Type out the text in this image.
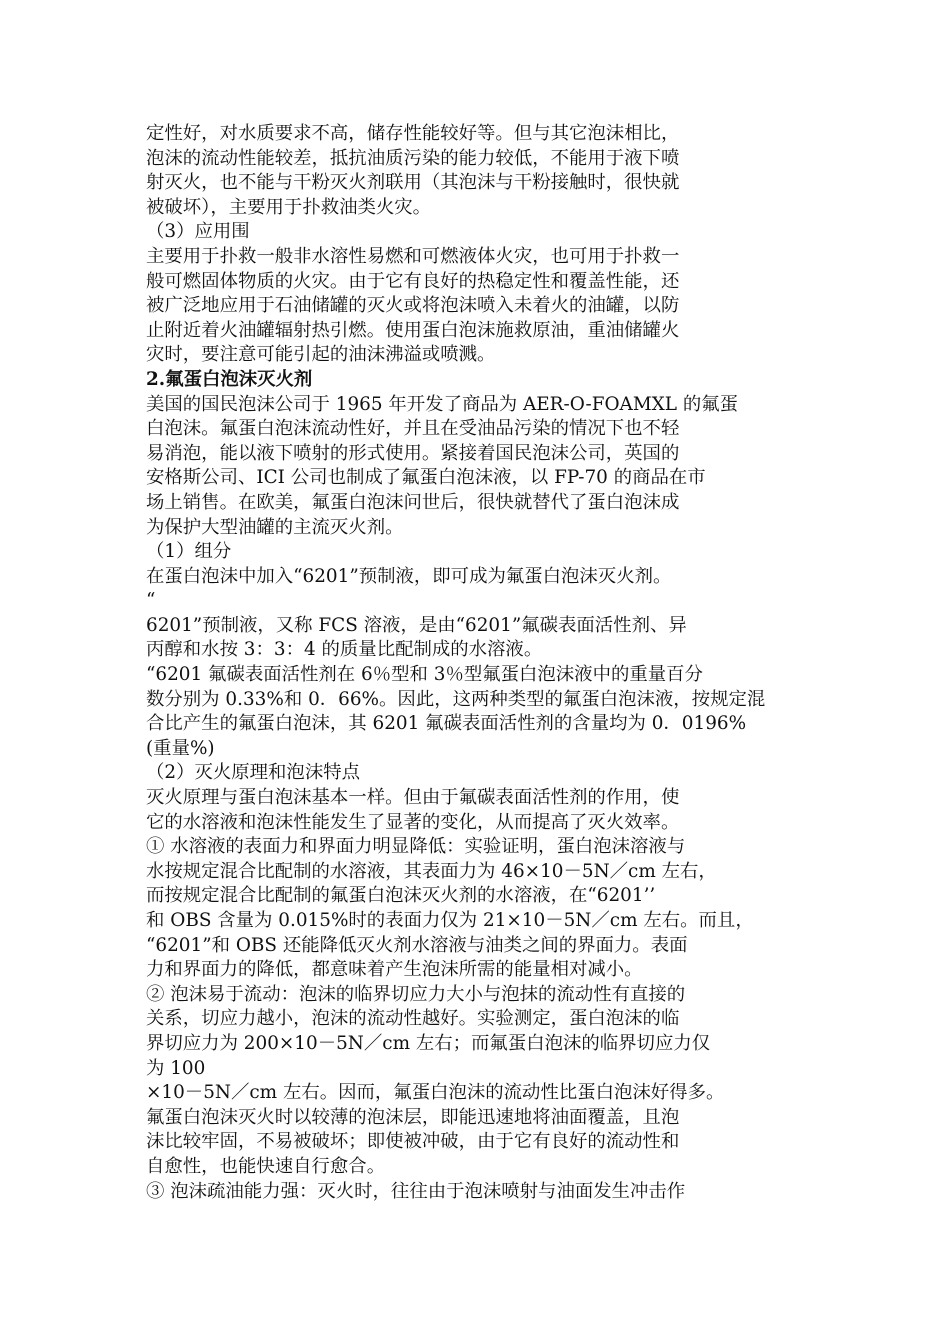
定性好，对水质要求不高，储存性能较好等。但与其它泡沫相比，
泡沫的流动性能较差，抵抗油质污染的能力较低，不能用于液下喷
射灭火，也不能与干粉灭火剂联用（其泡沫与干粉接触时，很快就
被破坏），主要用于扑救油类火灾。
（3）应用围
主要用于扑救一般非水溶性易燃和可燃液体火灾，也可用于扑救一
般可燃固体物质的火灾。由于它有良好的热稳定性和覆盖性能，还
被广泛地应用于石油储罐的灭火或将泡沫喷入未着火的油罐，以防
止附近着火油罐辐射热引燃。使用蛋白泡沫施救原油，重油储罐火
灾时，要注意可能引起的油沫沸溢或喷溅。
2.氟蛋白泡沫灭火剂
美国的国民泡沫公司于 1965 年开发了商品为 AER-O-FOAMXL 的氟蛋
白泡沫。氟蛋白泡沫流动性好，并且在受油品污染的情况下也不轻
易消泡，能以液下喷射的形式使用。紧接着国民泡沫公司，英国的
安格斯公司、ICI 公司也制成了氟蛋白泡沫液，以 FP-70 的商品在市
场上销售。在欧美，氟蛋白泡沫问世后，很快就替代了蛋白泡沫成
为保护大型油罐的主流灭火剂。
（1）组分
在蛋白泡沫中加入“6201”预制液，即可成为氟蛋白泡沫灭火剂。
“
6201”预制液，又称 FCS 溶液，是由“6201”氟碳表面活性剂、异
丙醇和水按 3：3：4 的质量比配制成的水溶液。
“6201 氟碳表面活性剂在 6％型和 3％型氟蛋白泡沫液中的重量百分
数分别为 0.33%和 0．66%。因此，这两种类型的氟蛋白泡沫液，按规定混
合比产生的氟蛋白泡沫，其 6201 氟碳表面活性剂的含量均为 0．0196%
(重量%)
（2）灭火原理和泡沫特点
灭火原理与蛋白泡沫基本一样。但由于氟碳表面活性剂的作用，使
它的水溶液和泡沫性能发生了显著的变化，从而提高了灭火效率。
① 水溶液的表面力和界面力明显降低：实验证明，蛋白泡沫溶液与
水按规定混合比配制的水溶液，其表面力为 46×10－5N／cm 左右，
而按规定混合比配制的氟蛋白泡沫灭火剂的水溶液，在“6201’’
和 OBS 含量为 0.015%时的表面力仅为 21×10－5N／cm 左右。而且，
“6201”和 OBS 还能降低灭火剂水溶液与油类之间的界面力。表面
力和界面力的降低，都意味着产生泡沫所需的能量相对减小。
② 泡沫易于流动：泡沫的临界切应力大小与泡抹的流动性有直接的
关系，切应力越小，泡沫的流动性越好。实验测定，蛋白泡沫的临
界切应力为 200×10－5N／cm 左右；而氟蛋白泡沫的临界切应力仅
为 100
×10－5N／cm 左右。因而，氟蛋白泡沫的流动性比蛋白泡沫好得多。
氟蛋白泡沫灭火时以较薄的泡沫层，即能迅速地将油面覆盖，且泡
沫比较牢固，不易被破坏；即使被冲破，由于它有良好的流动性和
自愈性，也能快速自行愈合。
③ 泡沫疏油能力强：灭火时，往往由于泡沫喷射与油面发生冲击作
